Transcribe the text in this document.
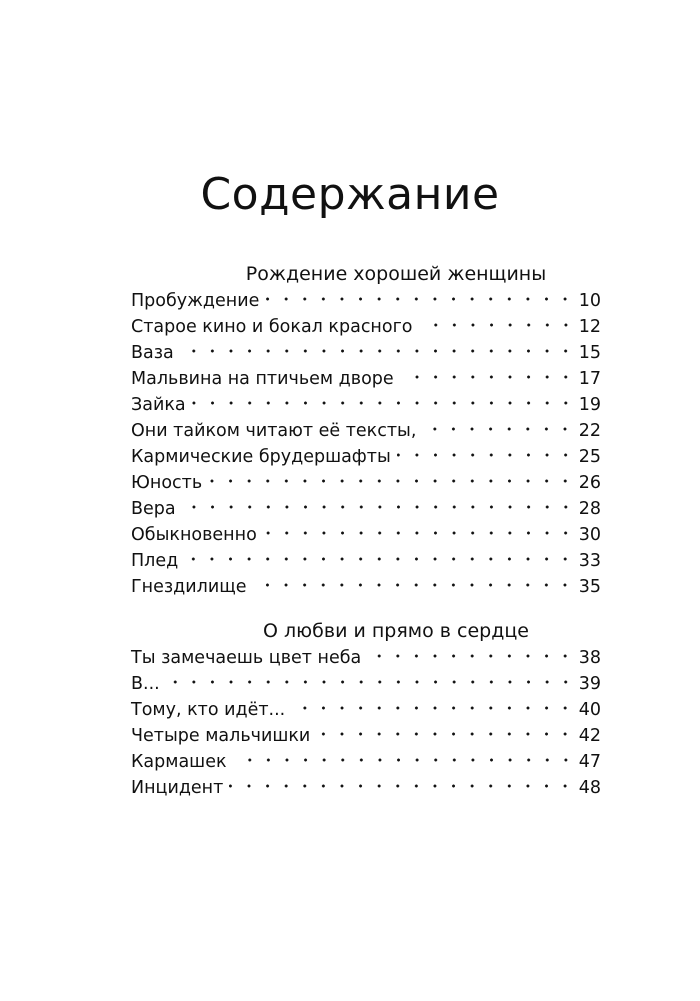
Содержание
Рождение хорошей женщины
Пробуждение	10
Старое кино и бокал красного	12
Ваза	15
Мальвина на птичьем дворе	17
Зайка	19
Они тайком читают её тексты,	22
Кармические брудершафты	25
Юность	26
Вера	28
Обыкновенно	30
Плед	33
Гнездилище	35
О любви и прямо в сердце
Ты замечаешь цвет неба	38
В...	39
Тому, кто идёт...	40
Четыре мальчишки	42
Кармашек	47
Инцидент	48
